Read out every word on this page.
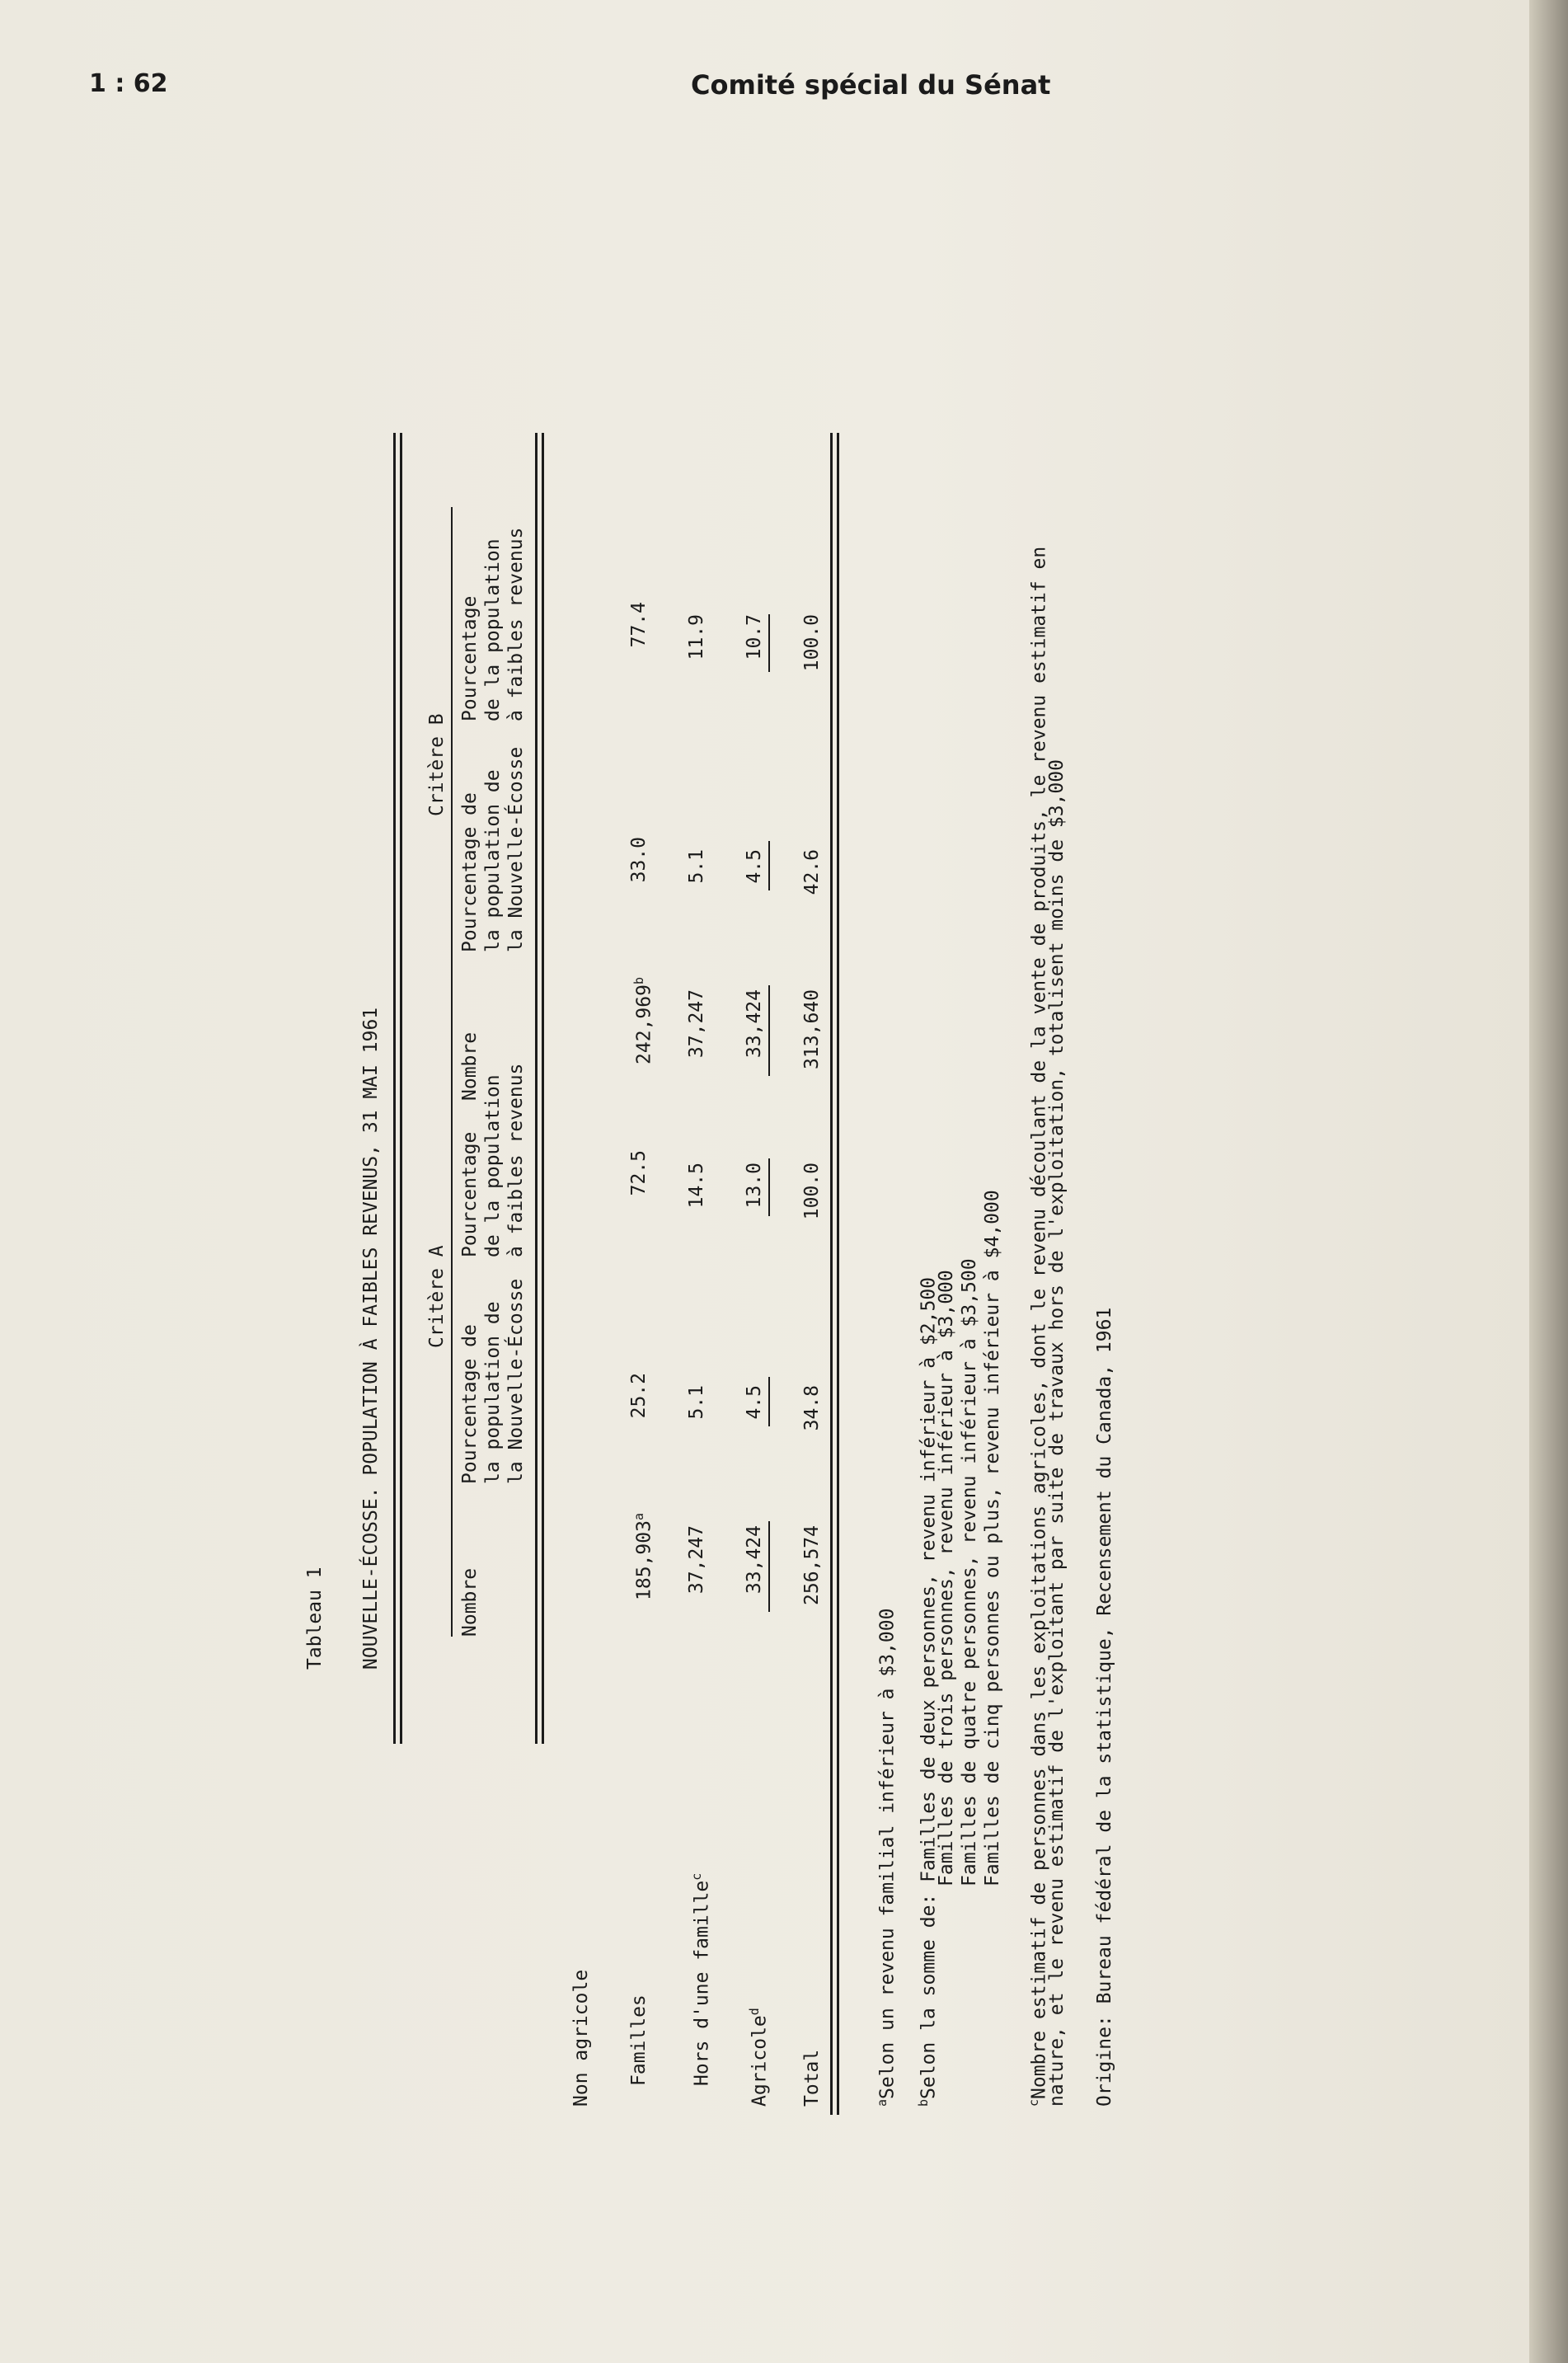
1 : 62	Comité spécial du Sénat
Tableau 1 NOUVELLE-ÉCOSSE. POPULATION À FAIBLES REVENUS, 31 MAI 1961 Critère A
Critère B
Nombre
Pourcentage de la population de la Nouvelle-Écosse
Pourcentage de la population à faibles revenus
Nombre
Pourcentage de la population de la Nouvelle-Écosse
Pourcentage de la population à faibles revenus
Non agricole Familles Hors d'une famille$^c$
Agricole$^d$
Total
185,903$^a$
25.2
72.5
242,969$^b$
33.0
77.4
37,247
5.1
14.5
37,247
5.1
11.9
33,424
4.5
13.0
33,424
4.5
10.7
256,574
34.8
100.0
313,640
42.6
100.0
$^a$Selon un revenu familial inférieur à $3,000
$^b$Selon la somme de: Familles de deux personnes, revenu inférieur à $2,500
Familles de trois personnes, revenu inférieur à $3,000 Familles de quatre personnes, revenu inférieur à $3,500 Familles de cinq personnes ou plus, revenu inférieur à $4,000
$^c$Nombre estimatif de personnes dans les exploitations agricoles, dont le revenu découlant de la vente de produits, le revenu estimatif en
nature, et le revenu estimatif de l'exploitant par suite de travaux hors de l'exploitation, totalisent moins de $3,000 Origine: Bureau fédéral de la statistique, Recensement du Canada, 1961
